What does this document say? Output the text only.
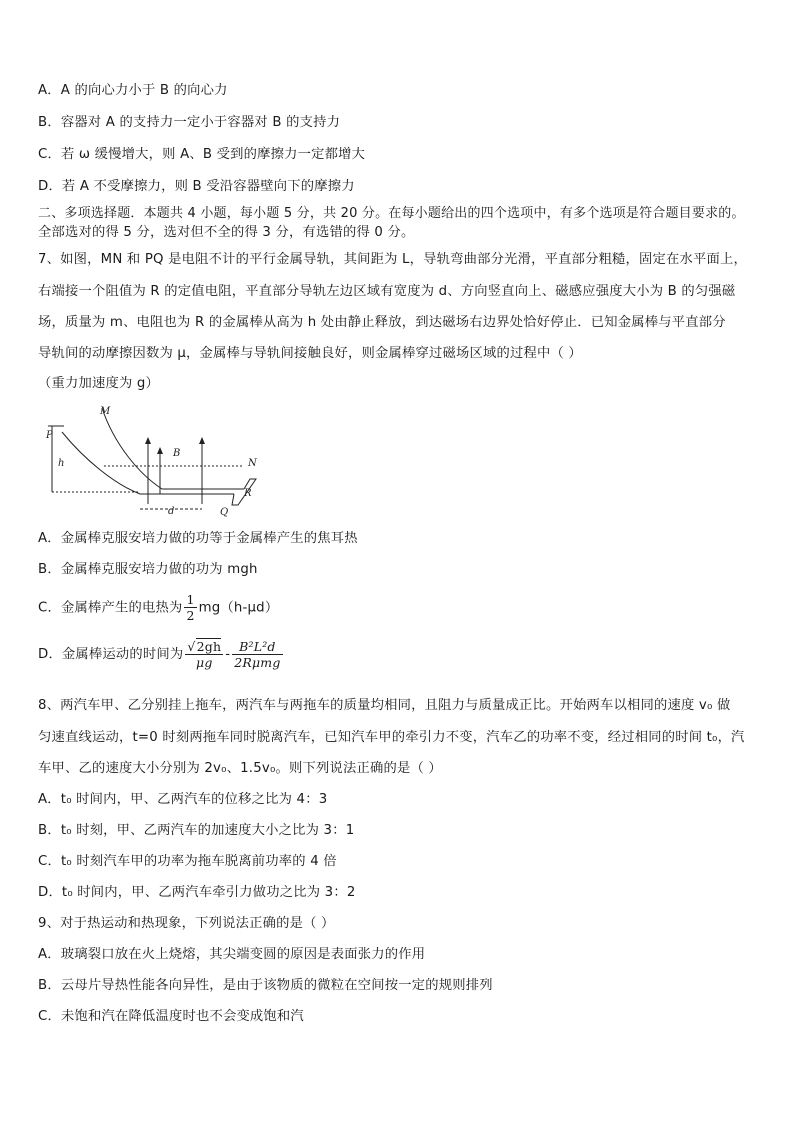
A．A 的向心力小于 B 的向心力
B．容器对 A 的支持力一定小于容器对 B 的支持力
C．若 ω 缓慢增大，则 A、B 受到的摩擦力一定都增大
D．若 A 不受摩擦力，则 B 受沿容器壁向下的摩擦力
二、多项选择题．本题共 4 小题，每小题 5 分，共 20 分。在每小题给出的四个选项中，有多个选项是符合题目要求的。
全部选对的得 5 分，选对但不全的得 3 分，有选错的得 0 分。
7、如图，MN 和 PQ 是电阻不计的平行金属导轨，其间距为 L，导轨弯曲部分光滑，平直部分粗糙，固定在水平面上，
右端接一个阻值为 R 的定值电阻，平直部分导轨左边区域有宽度为 d、方向竖直向上、磁感应强度大小为 B 的匀强磁
场，质量为 m、电阻也为 R 的金属棒从高为 h 处由静止释放，到达磁场右边界处恰好停止．已知金属棒与平直部分
导轨间的动摩擦因数为 μ，金属棒与导轨间接触良好，则金属棒穿过磁场区域的过程中（ ）
（重力加速度为 g）
P
M
h
B
N
d	Q
R
A．金属棒克服安培力做的功等于金属棒产生的焦耳热
B．金属棒克服安培力做的功为 mgh
C．金属棒产生的电热为 $\frac{1}{2} mg(h-\mu d)$
D．金属棒运动的时间为 $\frac{√2gh}{\mu g} - \frac{\text{B²L²d}}{\text{2Rμmg}}$
8、两汽车甲、乙分别挂上拖车，两汽车与两拖车的质量均相同，且阻力与质量成正比。开始两车以相同的速度 v₀ 做
匀速直线运动，t=0 时刻两拖车同时脱离汽车，已知汽车甲的牵引力不变，汽车乙的功率不变，经过相同的时间 t₀，汽
车甲、乙的速度大小分别为 2v₀、1.5v₀。则下列说法正确的是（ ）
A．t₀ 时间内，甲、乙两汽车的位移之比为 4：3
B．t₀ 时刻，甲、乙两汽车的加速度大小之比为 3：1
C．t₀ 时刻汽车甲的功率为拖车脱离前功率的 4 倍
D．t₀ 时间内，甲、乙两汽车牵引力做功之比为 3：2
9、对于热运动和热现象，下列说法正确的是（ ）
A．玻璃裂口放在火上烧熔，其尖端变圆的原因是表面张力的作用
B．云母片导热性能各向异性，是由于该物质的微粒在空间按一定的规则排列
C．未饱和汽在降低温度时也不会变成饱和汽
